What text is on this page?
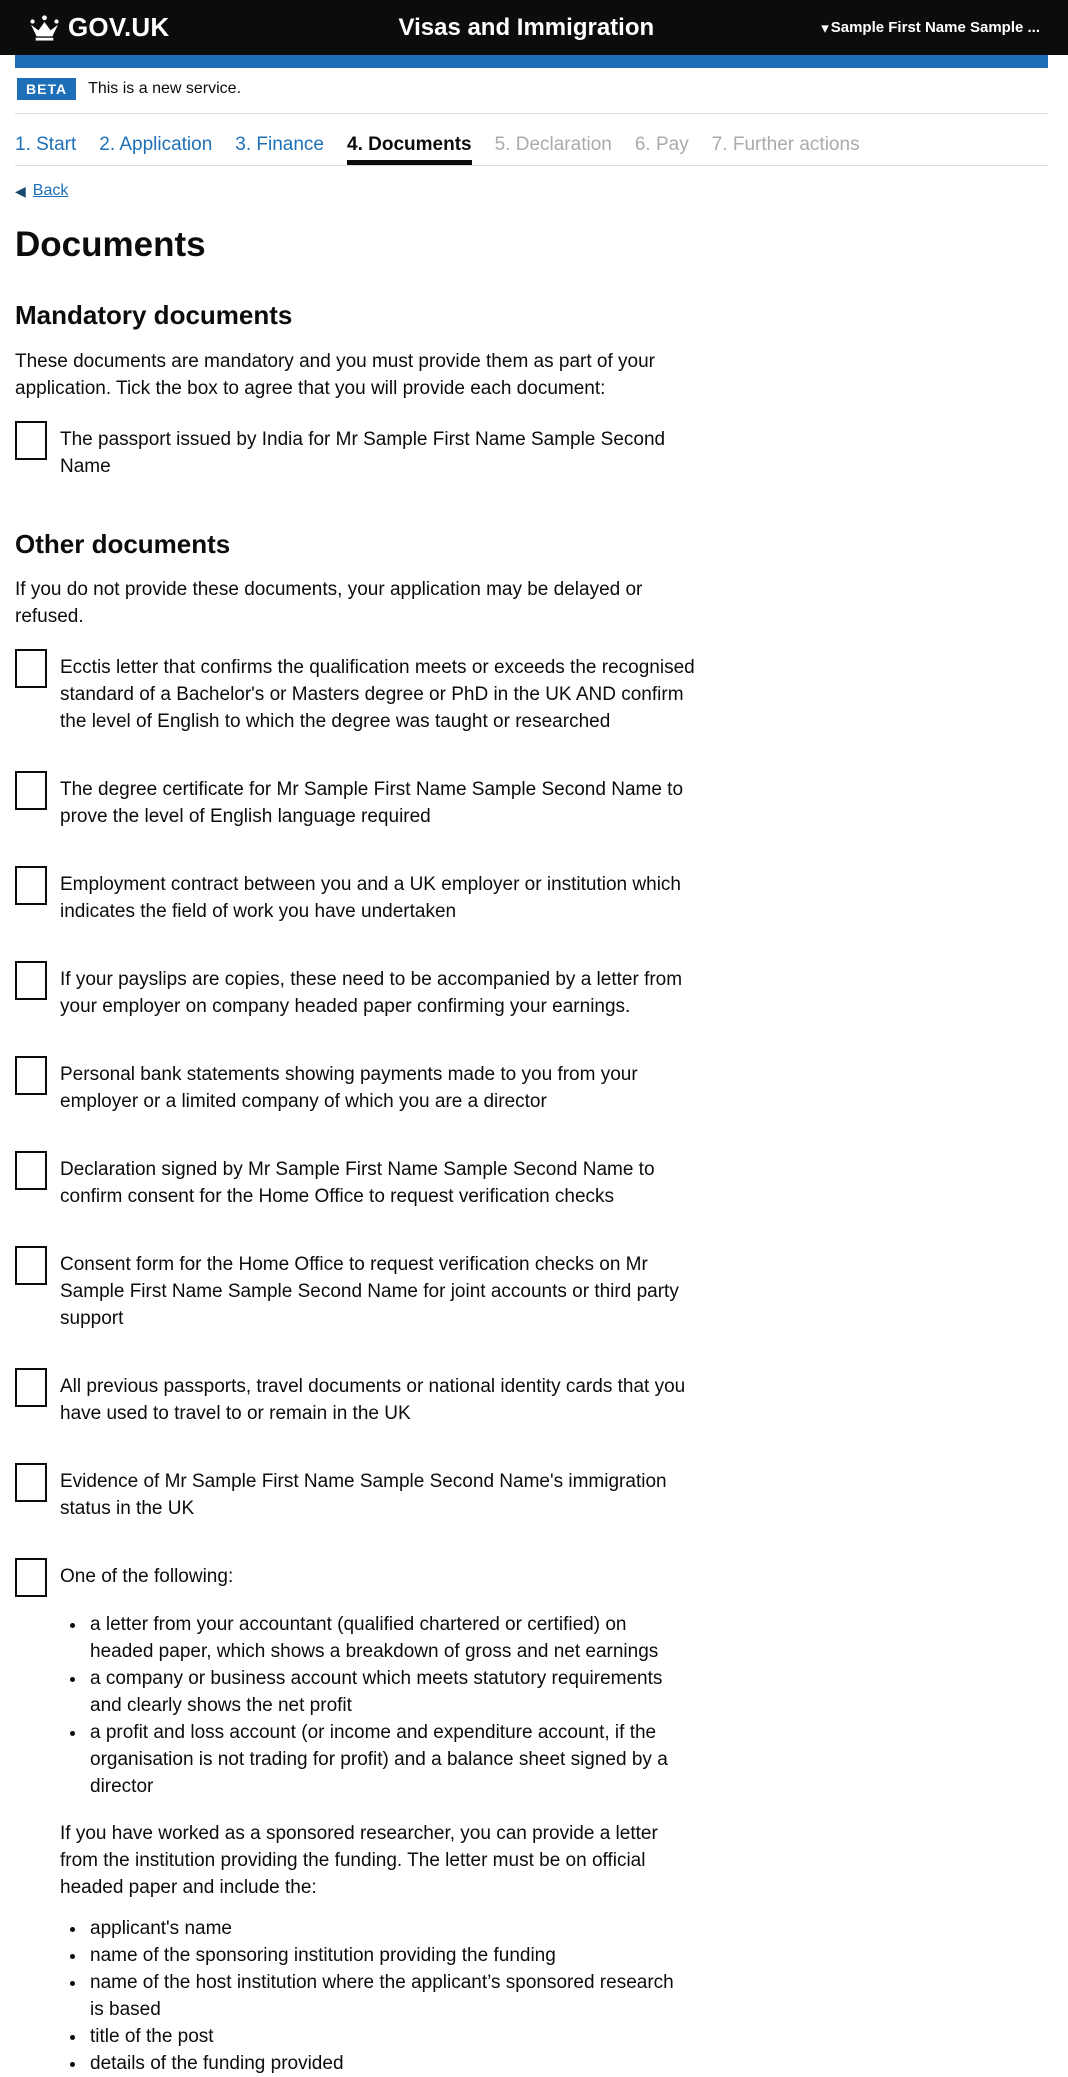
GOV.UK	Visas and Immigration	▾ Sample First Name Sample ...
BETA	This is a new service.
1. Start 2. Application 3. Finance 4. Documents 5. Declaration 6. Pay 7. Further actions
◀ Back
Documents
Mandatory documents

These documents are mandatory and you must provide them as part of your application. Tick the box to agree that you will provide each document:

The passport issued by India for Mr Sample First Name Sample Second Name
Other documents

If you do not provide these documents, your application may be delayed or refused.

Ecctis letter that confirms the qualification meets or exceeds the recognised standard of a Bachelor's or Masters degree or PhD in the UK AND confirm the level of English to which the degree was taught or researched
The degree certificate for Mr Sample First Name Sample Second Name to prove the level of English language required
Employment contract between you and a UK employer or institution which indicates the field of work you have undertaken
If your payslips are copies, these need to be accompanied by a letter from your employer on company headed paper confirming your earnings.
Personal bank statements showing payments made to you from your employer or a limited company of which you are a director
Declaration signed by Mr Sample First Name Sample Second Name to confirm consent for the Home Office to request verification checks
Consent form for the Home Office to request verification checks on Mr Sample First Name Sample Second Name for joint accounts or third party support
All previous passports, travel documents or national identity cards that you have used to travel to or remain in the UK
Evidence of Mr Sample First Name Sample Second Name's immigration status in the UK
One of the following:
• a letter from your accountant (qualified chartered or certified) on headed paper, which shows a breakdown of gross and net earnings
• a company or business account which meets statutory requirements and clearly shows the net profit
• a profit and loss account (or income and expenditure account, if the organisation is not trading for profit) and a balance sheet signed by a director

If you have worked as a sponsored researcher, you can provide a letter from the institution providing the funding. The letter must be on official headed paper and include the:

• applicant's name
• name of the sponsoring institution providing the funding
• name of the host institution where the applicant’s sponsored research is based
• title of the post
• details of the funding provided
